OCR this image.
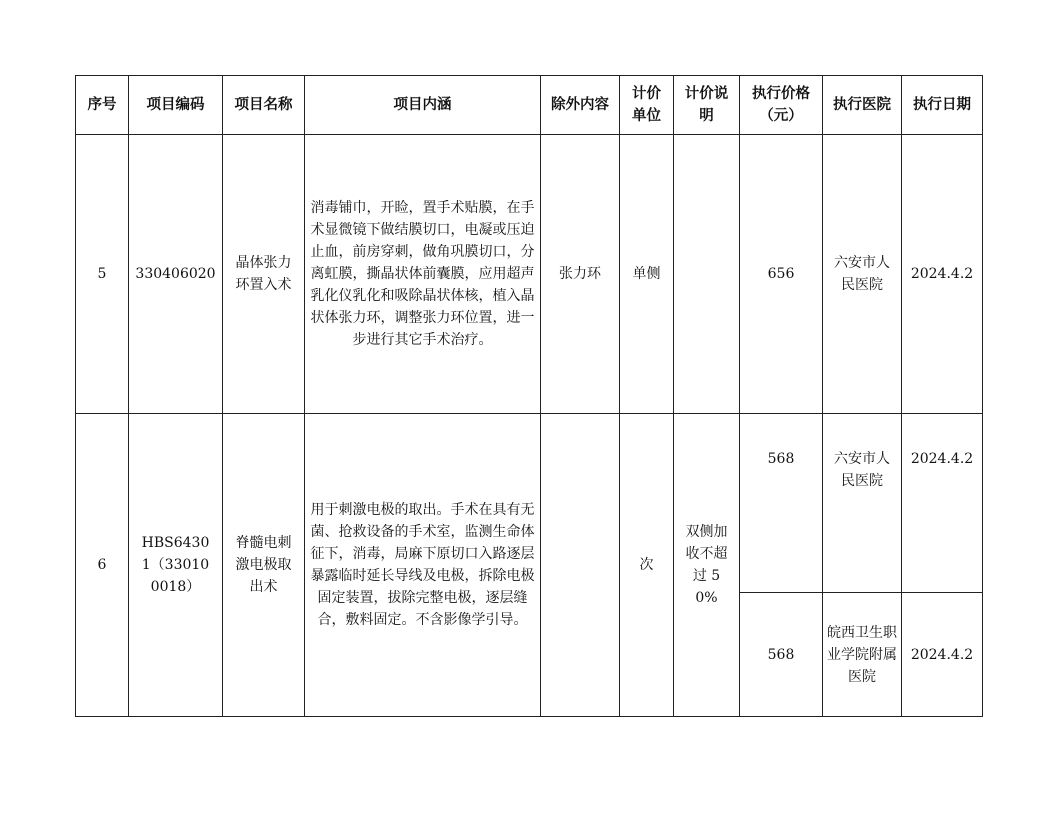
序号	项目编码	项目名称	项目内涵	除外内容	计价单位	计价说明	执行价格（元）	执行医院	执行日期
5	330406020	晶体张力环置入术	消毒铺巾，开睑，置手术贴膜，在手术显微镜下做结膜切口，电凝或压迫止血，前房穿刺，做角巩膜切口，分离虹膜，撕晶状体前囊膜，应用超声乳化仪乳化和吸除晶状体核，植入晶状体张力环，调整张力环位置，进一步进行其它手术治疗。	张力环	单侧		656	六安市人民医院	2024.4.2
6	HBS64301（330100018）	脊髓电刺激电极取出术	用于刺激电极的取出。手术在具有无菌、抢救设备的手术室，监测生命体征下，消毒，局麻下原切口入路逐层暴露临时延长导线及电极，拆除电极固定装置，拔除完整电极，逐层缝合，敷料固定。不含影像学引导。		次	双侧加收不超过 50%	568	六安市人民医院	2024.4.2
							568	皖西卫生职业学院附属医院	2024.4.2
